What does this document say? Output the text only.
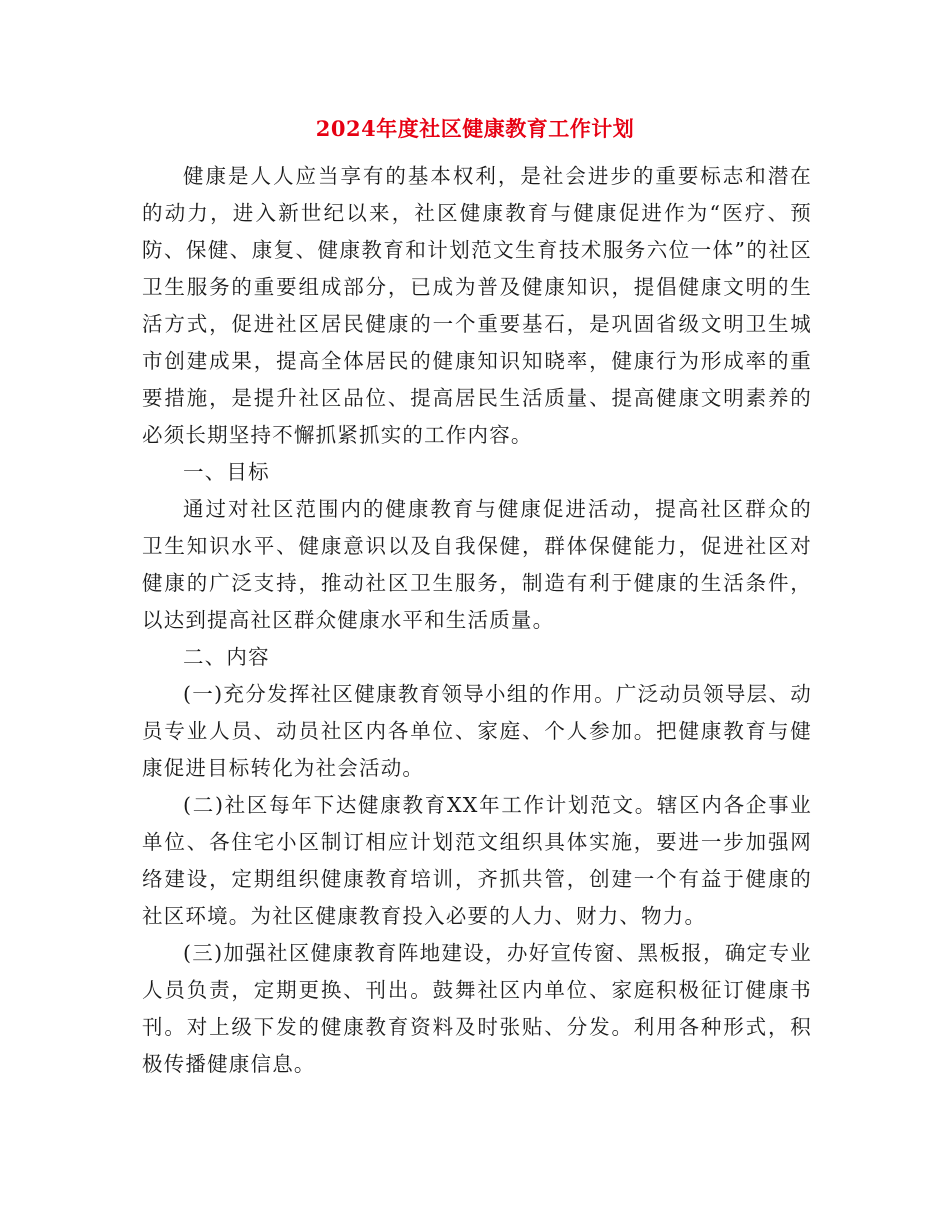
2024年度社区健康教育工作计划

健康是人人应当享有的基本权利，是社会进步的重要标志和潜在的动力，进入新世纪以来，社区健康教育与健康促进作为“医疗、预防、保健、康复、健康教育和计划范文生育技术服务六位一体”的社区卫生服务的重要组成部分，已成为普及健康知识，提倡健康文明的生活方式，促进社区居民健康的一个重要基石，是巩固省级文明卫生城市创建成果，提高全体居民的健康知识知晓率，健康行为形成率的重要措施，是提升社区品位、提高居民生活质量、提高健康文明素养的必须长期坚持不懈抓紧抓实的工作内容。

一、目标

通过对社区范围内的健康教育与健康促进活动，提高社区群众的卫生知识水平、健康意识以及自我保健，群体保健能力，促进社区对健康的广泛支持，推动社区卫生服务，制造有利于健康的生活条件，以达到提高社区群众健康水平和生活质量。

二、内容

(一)充分发挥社区健康教育领导小组的作用。广泛动员领导层、动员专业人员、动员社区内各单位、家庭、个人参加。把健康教育与健康促进目标转化为社会活动。

(二)社区每年下达健康教育XX年工作计划范文。辖区内各企事业单位、各住宅小区制订相应计划范文组织具体实施，要进一步加强网络建设，定期组织健康教育培训，齐抓共管，创建一个有益于健康的社区环境。为社区健康教育投入必要的人力、财力、物力。

(三)加强社区健康教育阵地建设，办好宣传窗、黑板报，确定专业人员负责，定期更换、刊出。鼓舞社区内单位、家庭积极征订健康书刊。对上级下发的健康教育资料及时张贴、分发。利用各种形式，积极传播健康信息。
